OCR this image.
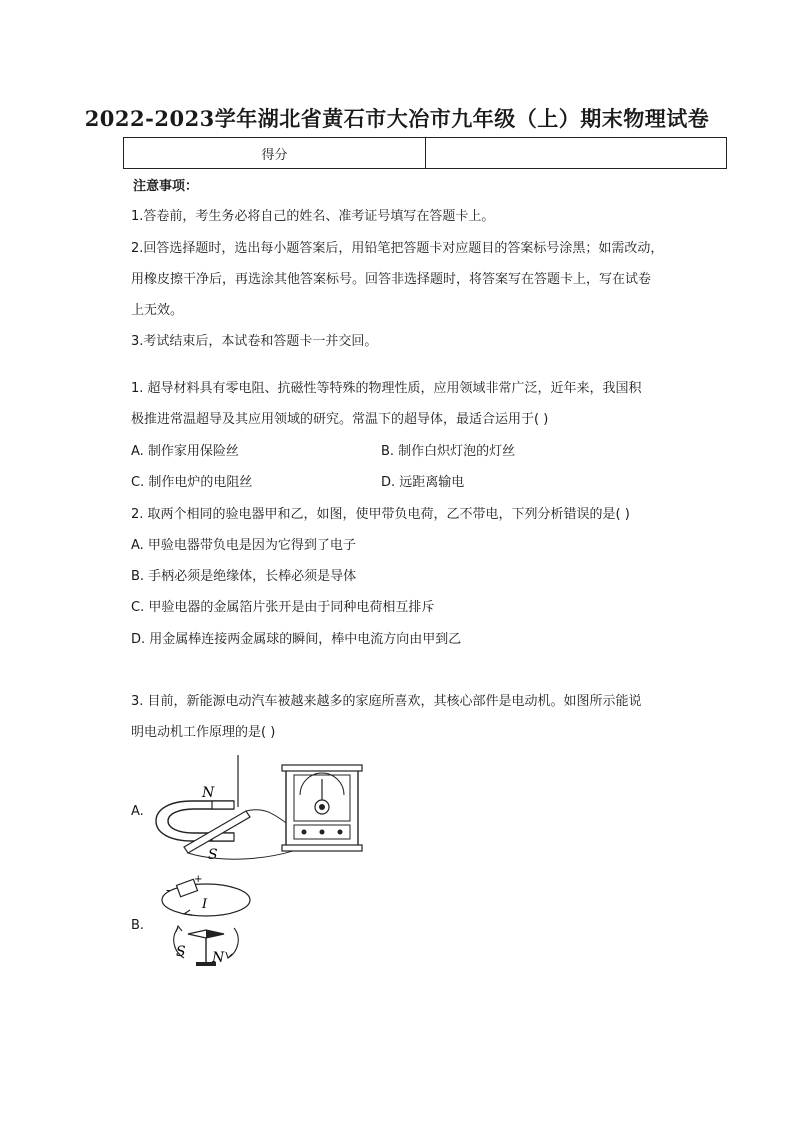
2022-2023学年湖北省黄石市大冶市九年级（上）期末物理试卷
得分	
注意事项：
1.答卷前，考生务必将自己的姓名、准考证号填写在答题卡上。
2.回答选择题时，选出每小题答案后，用铅笔把答题卡对应题目的答案标号涂黑；如需改动，
用橡皮擦干净后，再选涂其他答案标号。回答非选择题时，将答案写在答题卡上，写在试卷
上无效。
3.考试结束后，本试卷和答题卡一并交回。
1. 超导材料具有零电阻、抗磁性等特殊的物理性质，应用领域非常广泛，近年来，我国积
极推进常温超导及其应用领域的研究。常温下的超导体，最适合运用于( )
A. 制作家用保险丝	B. 制作白炽灯泡的灯丝
C. 制作电炉的电阻丝	D. 远距离输电
2. 取两个相同的验电器甲和乙，如图，使甲带负电荷，乙不带电，下列分析错误的是( )
A. 甲验电器带负电是因为它得到了电子
B. 手柄必须是绝缘体，长棒必须是导体
C. 甲验电器的金属箔片张开是由于同种电荷相互排斥
D. 用金属棒连接两金属球的瞬间，棒中电流方向由甲到乙
3. 目前，新能源电动汽车被越来越多的家庭所喜欢，其核心部件是电动机。如图所示能说
明电动机工作原理的是( )
A.
N
S
B.
-
+
I
S N
